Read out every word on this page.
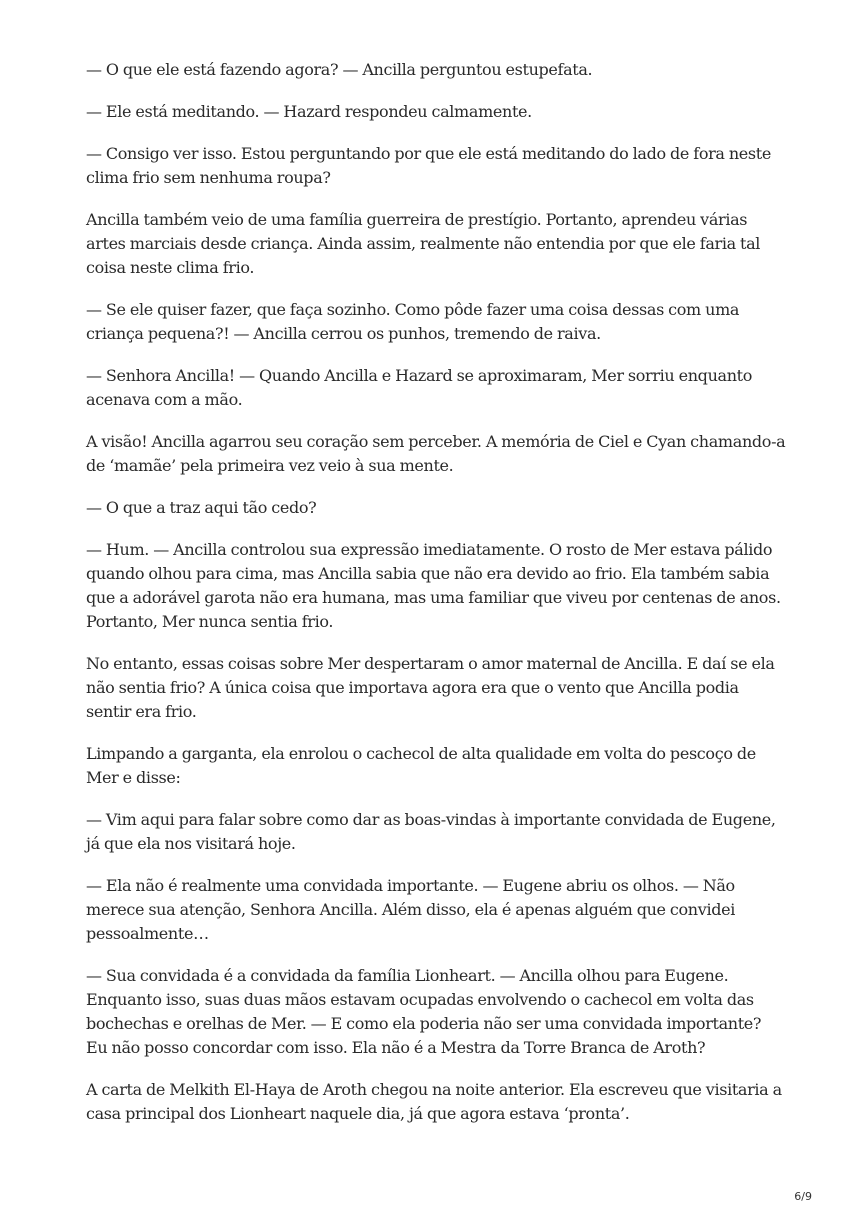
— O que ele está fazendo agora? — Ancilla perguntou estupefata.

— Ele está meditando. — Hazard respondeu calmamente.

— Consigo ver isso. Estou perguntando por que ele está meditando do lado de fora neste clima frio sem nenhuma roupa?

Ancilla também veio de uma família guerreira de prestígio. Portanto, aprendeu várias artes marciais desde criança. Ainda assim, realmente não entendia por que ele faria tal coisa neste clima frio.

— Se ele quiser fazer, que faça sozinho. Como pôde fazer uma coisa dessas com uma criança pequena?! — Ancilla cerrou os punhos, tremendo de raiva.

— Senhora Ancilla! — Quando Ancilla e Hazard se aproximaram, Mer sorriu enquanto acenava com a mão.

A visão! Ancilla agarrou seu coração sem perceber. A memória de Ciel e Cyan chamando-a de ‘mamãe’ pela primeira vez veio à sua mente.

— O que a traz aqui tão cedo?

— Hum. — Ancilla controlou sua expressão imediatamente. O rosto de Mer estava pálido quando olhou para cima, mas Ancilla sabia que não era devido ao frio. Ela também sabia que a adorável garota não era humana, mas uma familiar que viveu por centenas de anos. Portanto, Mer nunca sentia frio.

No entanto, essas coisas sobre Mer despertaram o amor maternal de Ancilla. E daí se ela não sentia frio? A única coisa que importava agora era que o vento que Ancilla podia sentir era frio.

Limpando a garganta, ela enrolou o cachecol de alta qualidade em volta do pescoço de Mer e disse:

— Vim aqui para falar sobre como dar as boas-vindas à importante convidada de Eugene, já que ela nos visitará hoje.

— Ela não é realmente uma convidada importante. — Eugene abriu os olhos. — Não merece sua atenção, Senhora Ancilla. Além disso, ela é apenas alguém que convidei pessoalmente…

— Sua convidada é a convidada da família Lionheart. — Ancilla olhou para Eugene. Enquanto isso, suas duas mãos estavam ocupadas envolvendo o cachecol em volta das bochechas e orelhas de Mer. — E como ela poderia não ser uma convidada importante? Eu não posso concordar com isso. Ela não é a Mestra da Torre Branca de Aroth?

A carta de Melkith El-Haya de Aroth chegou na noite anterior. Ela escreveu que visitaria a casa principal dos Lionheart naquele dia, já que agora estava ‘pronta’.

6/9
